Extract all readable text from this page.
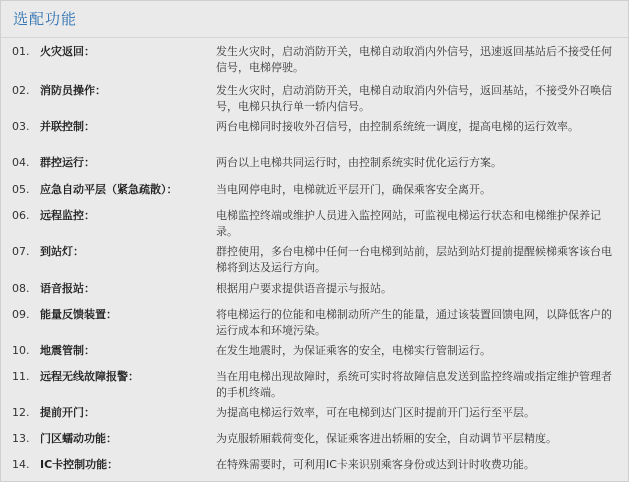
选配功能
01. 火灾返回：	发生火灾时，启动消防开关，电梯自动取消内外信号，迅速返回基站后不接受任何信号，电梯停驶。
02. 消防员操作：	发生火灾时，启动消防开关，电梯自动取消内外信号，返回基站，不接受外召唤信号，电梯只执行单一轿内信号。
03. 并联控制：	两台电梯同时接收外召信号，由控制系统统一调度，提高电梯的运行效率。
04. 群控运行：	两台以上电梯共同运行时，由控制系统实时优化运行方案。
05. 应急自动平层（紧急疏散）：	当电网停电时，电梯就近平层开门，确保乘客安全离开。
06. 远程监控：	电梯监控终端或维护人员进入监控网站，可监视电梯运行状态和电梯维护保养记录。
07. 到站灯：	群控使用，多台电梯中任何一台电梯到站前，层站到站灯提前提醒候梯乘客该台电梯将到达及运行方向。
08. 语音报站：	根据用户要求提供语音提示与报站。
09. 能量反馈装置：	将电梯运行的位能和电梯制动所产生的能量，通过该装置回馈电网，以降低客户的运行成本和环境污染。
10. 地震管制：	在发生地震时，为保证乘客的安全，电梯实行管制运行。
11. 远程无线故障报警：	当在用电梯出现故障时，系统可实时将故障信息发送到监控终端或指定维护管理者的手机终端。
12. 提前开门：	为提高电梯运行效率，可在电梯到达门区时提前开门运行至平层。
13. 门区蠕动功能：	为克服轿厢载荷变化，保证乘客进出轿厢的安全，自动调节平层精度。
14. IC卡控制功能：	在特殊需要时，可利用IC卡来识别乘客身份或达到计时收费功能。
